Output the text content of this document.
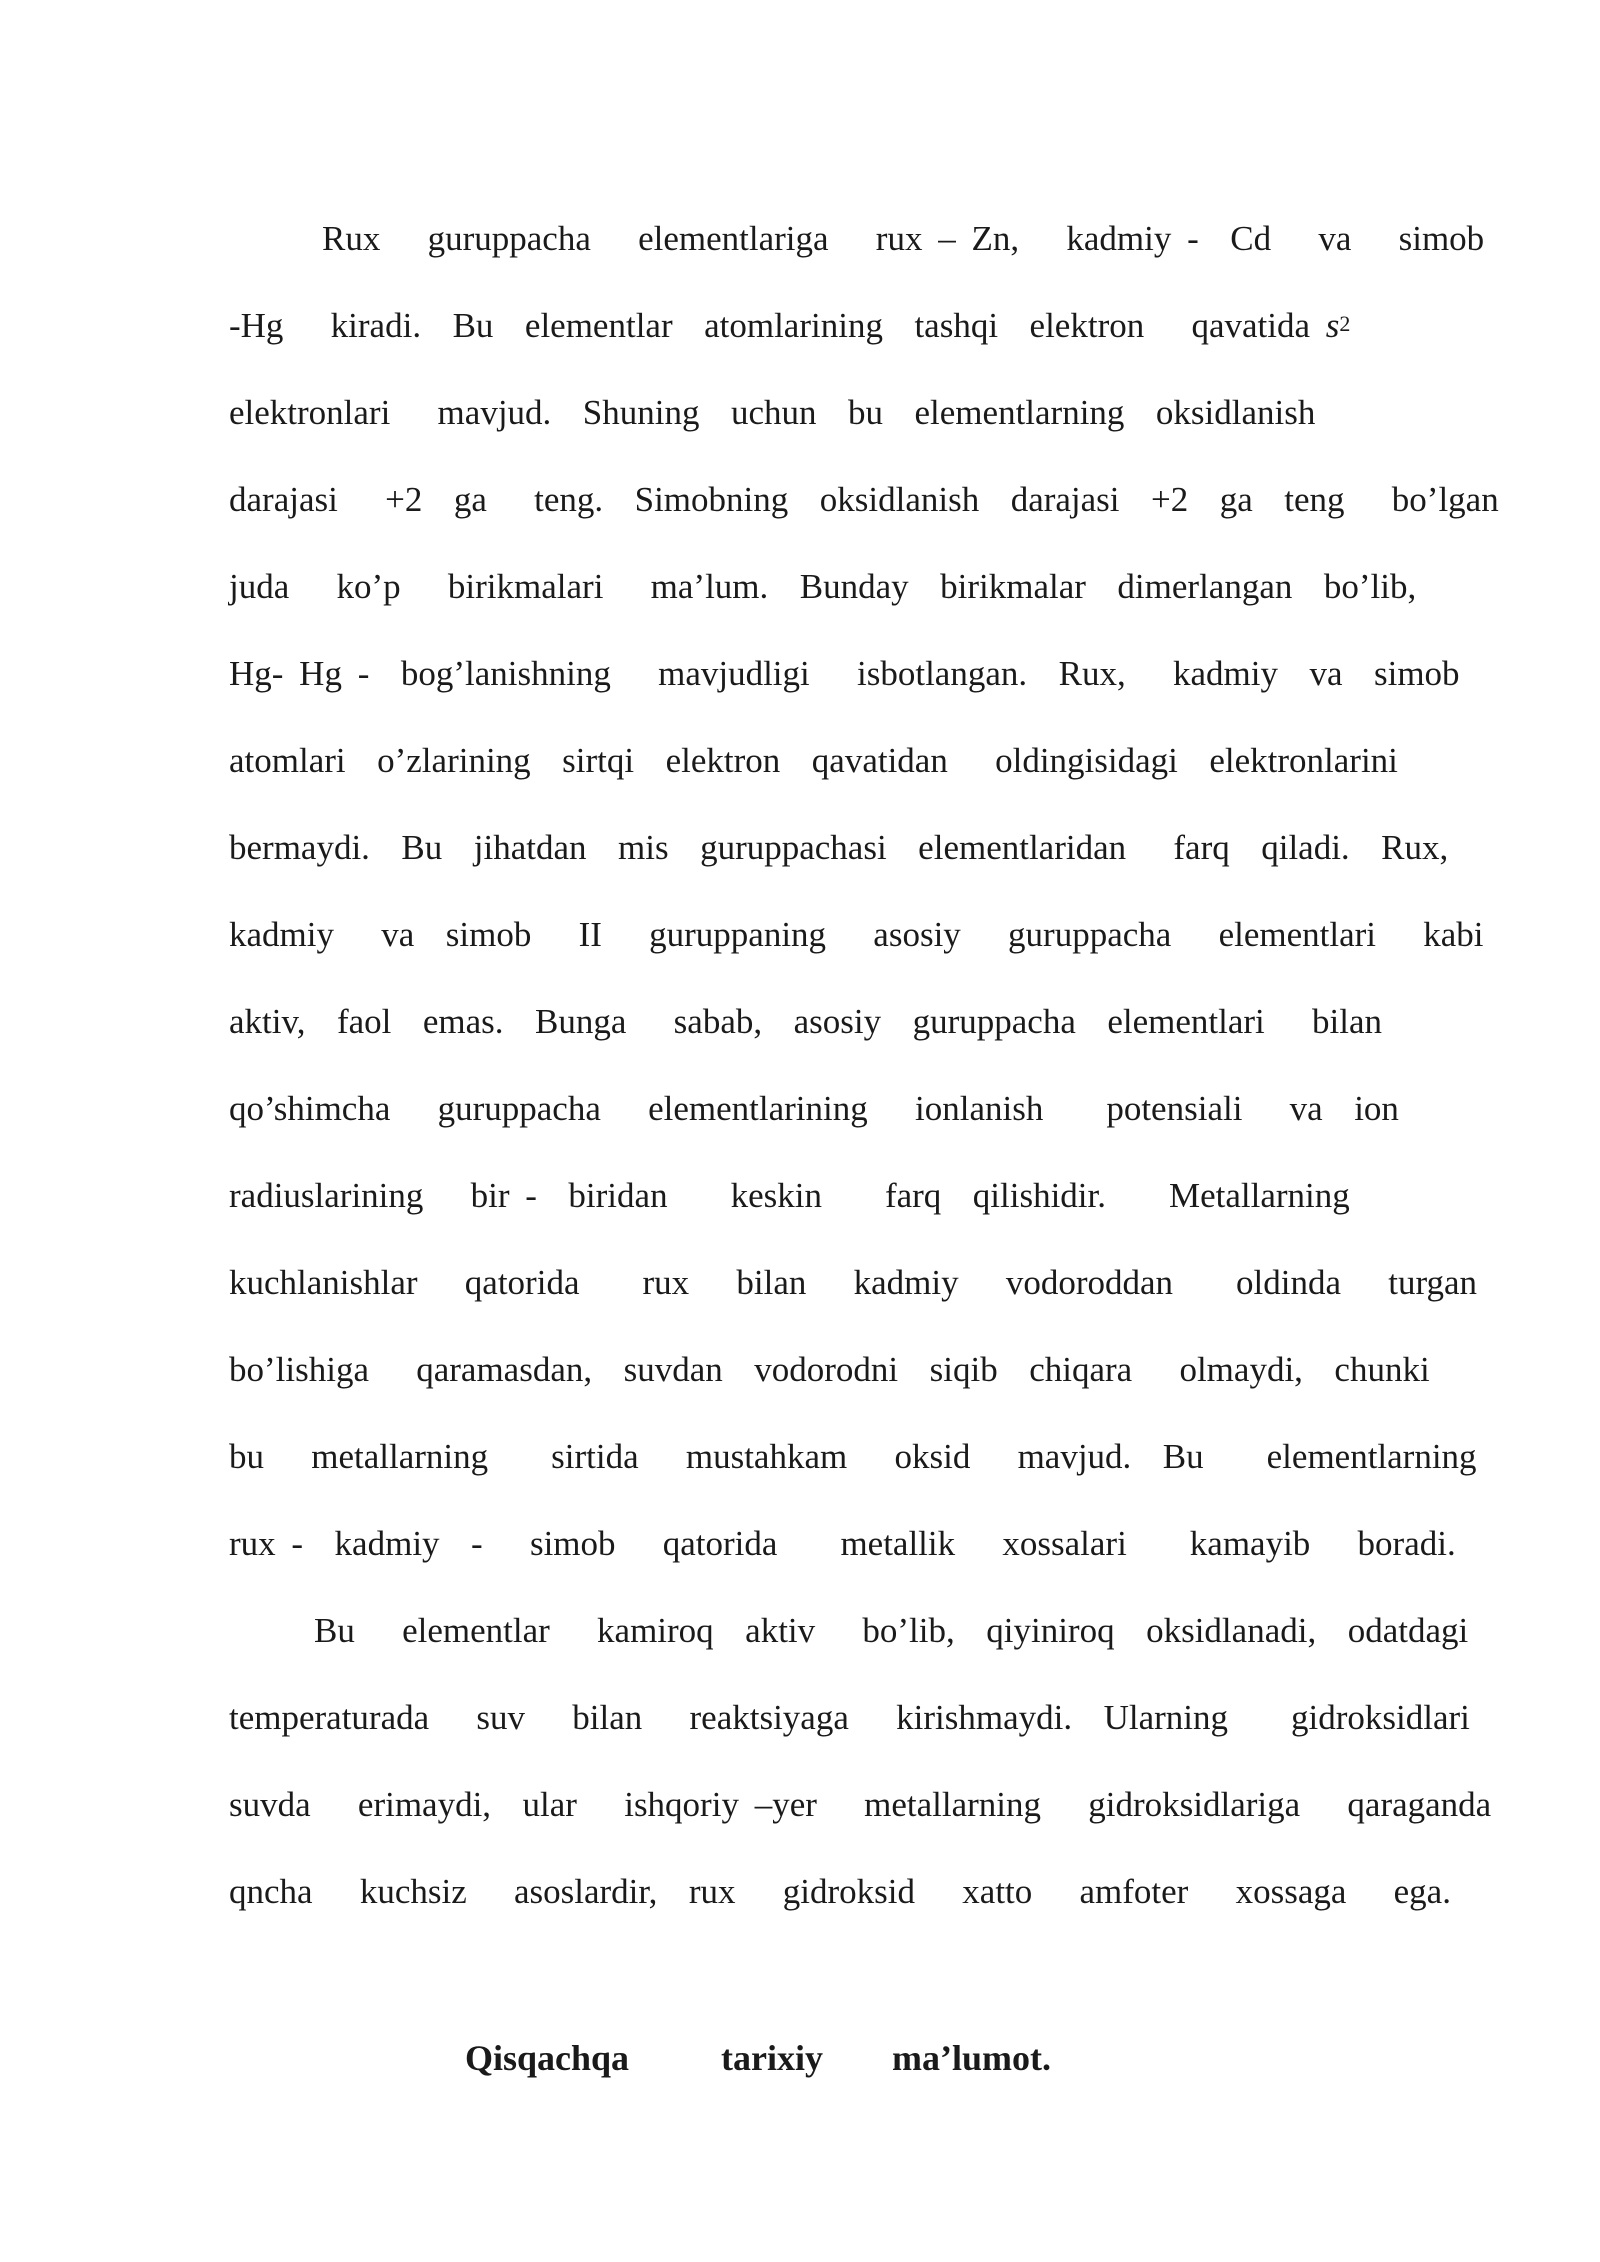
Rux   guruppacha   elementlariga   rux – Zn,   kadmiy -  Cd   va   simob
-Hg   kiradi.  Bu  elementlar  atomlarining  tashqi  elektron   qavatida $s^2$
elektronlari   mavjud.  Shuning  uchun  bu  elementlarning  oksidlanish
darajasi   +2  ga   teng.  Simobning  oksidlanish  darajasi  +2  ga  teng   bo’lgan
juda   ko’p   birikmalari   ma’lum.  Bunday  birikmalar  dimerlangan  bo’lib,
Hg- Hg -  bog’lanishning   mavjudligi   isbotlangan.  Rux,   kadmiy  va  simob
atomlari  o’zlarining  sirtqi  elektron  qavatidan   oldingisidagi  elektronlarini
bermaydi.  Bu  jihatdan  mis  guruppachasi  elementlaridan   farq  qiladi.  Rux,
kadmiy   va  simob   II   guruppaning   asosiy   guruppacha   elementlari   kabi
aktiv,  faol  emas.  Bunga   sabab,  asosiy  guruppacha  elementlari   bilan
qo’shimcha   guruppacha   elementlarining   ionlanish    potensiali   va  ion
radiuslarining   bir -  biridan    keskin    farq  qilishidir.    Metallarning
kuchlanishlar   qatorida    rux   bilan   kadmiy   vodoroddan    oldinda   turgan
bo’lishiga   qaramasdan,  suvdan  vodorodni  siqib  chiqara   olmaydi,  chunki
bu   metallarning    sirtida   mustahkam   oksid   mavjud.  Bu    elementlarning
rux -  kadmiy  -   simob   qatorida    metallik   xossalari    kamayib   boradi.
Bu   elementlar   kamiroq  aktiv   bo’lib,  qiyiniroq  oksidlanadi,  odatdagi
temperaturada   suv   bilan   reaktsiyaga   kirishmaydi.  Ularning    gidroksidlari
suvda   erimaydi,  ular   ishqoriy –yer   metallarning   gidroksidlariga   qaraganda
qncha   kuchsiz   asoslardir,  rux   gidroksid   xatto   amfoter   xossaga   ega.
Qisqachqa    tarixiy   ma’lumot.
